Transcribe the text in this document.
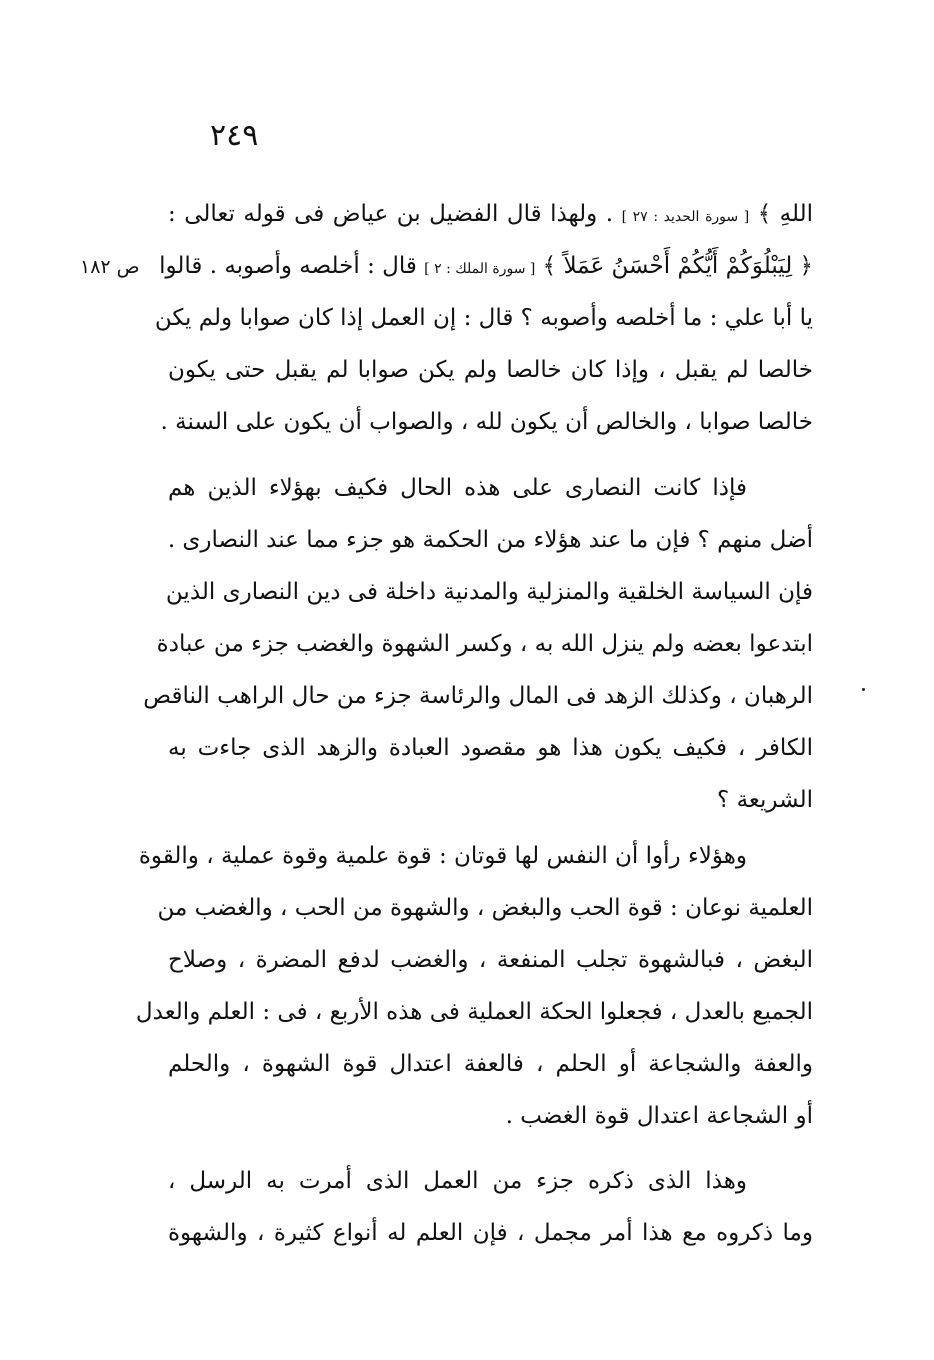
٢٤٩
ص ١٨٢
اللهِ ﴾ [ سورة الحديد : ٢٧ ] . ولهذا قال الفضيل بن عياض فى قوله تعالى :
﴿ لِيَبْلُوَكُمْ أَيُّكُمْ أَحْسَنُ عَمَلاً ﴾ [ سورة الملك : ٢ ] قال : أخلصه وأصوبه . قالوا
يا أبا علي : ما أخلصه وأصوبه ؟ قال : إن العمل إذا كان صوابا ولم يكن
خالصا لم يقبل ، وإذا كان خالصا ولم يكن صوابا لم يقبل حتى يكون
خالصا صوابا ، والخالص أن يكون لله ، والصواب أن يكون على السنة .
فإذا كانت النصارى على هذه الحال فكيف بهؤلاء الذين هم
أضل منهم ؟ فإن ما عند هؤلاء من الحكمة هو جزء مما عند النصارى .
فإن السياسة الخلقية والمنزلية والمدنية داخلة فى دين النصارى الذين
ابتدعوا بعضه ولم ينزل الله به ، وكسر الشهوة والغضب جزء من عبادة
الرهبان ، وكذلك الزهد فى المال والرئاسة جزء من حال الراهب الناقص
الكافر ، فكيف يكون هذا هو مقصود العبادة والزهد الذى جاءت به
الشريعة ؟
وهؤلاء رأوا أن النفس لها قوتان : قوة علمية وقوة عملية ، والقوة
العلمية نوعان : قوة الحب والبغض ، والشهوة من الحب ، والغضب من
البغض ، فبالشهوة تجلب المنفعة ، والغضب لدفع المضرة ، وصلاح
الجميع بالعدل ، فجعلوا الحكة العملية فى هذه الأربع ، فى : العلم والعدل
والعفة والشجاعة أو الحلم ، فالعفة اعتدال قوة الشهوة ، والحلم
أو الشجاعة اعتدال قوة الغضب .
وهذا الذى ذكره جزء من العمل الذى أمرت به الرسل ،
وما ذكروه مع هذا أمر مجمل ، فإن العلم له أنواع كثيرة ، والشهوة
